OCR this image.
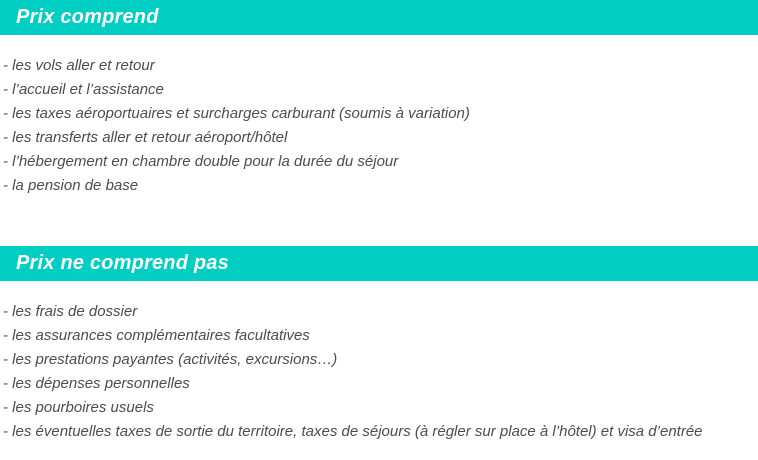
Prix comprend
- les vols aller et retour
- l’accueil et l’assistance
- les taxes aéroportuaires et surcharges carburant (soumis à variation)
- les transferts aller et retour aéroport/hôtel
- l’hébergement en chambre double pour la durée du séjour
- la pension de base
Prix ne comprend pas
- les frais de dossier
- les assurances complémentaires facultatives
- les prestations payantes (activités, excursions…)
- les dépenses personnelles
- les pourboires usuels
- les éventuelles taxes de sortie du territoire, taxes de séjours (à régler sur place à l’hôtel) et visa d’entrée
